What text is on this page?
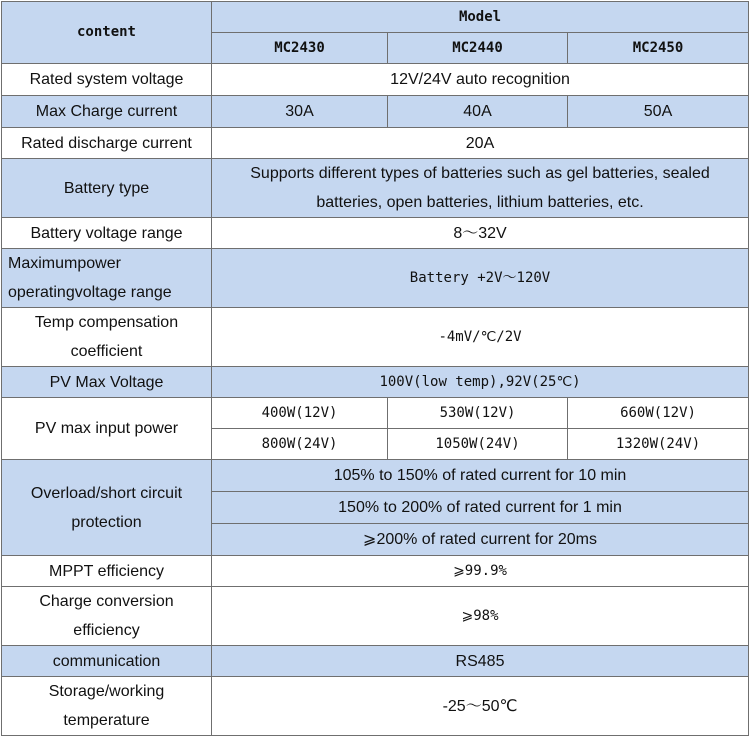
content	Model		
	MC2430	MC2440	MC2450
Rated system voltage	12V/24V auto recognition		
Max Charge current	30A	40A	50A
Rated discharge current	20A		
Battery type	Supports different types of batteries such as gel batteries, sealed batteries, open batteries, lithium batteries, etc.		
Battery voltage range	8～32V		
Maximumpower operatingvoltage range	Battery +2V～120V		
Temp compensation coefficient	-4mV/℃/2V		
PV Max Voltage	100V(low temp),92V(25℃)		
PV max input power	400W(12V)	530W(12V)	660W(12V)
	800W(24V)	1050W(24V)	1320W(24V)
Overload/short circuit protection	105% to 150% of rated current for 10 min		
	150% to 200% of rated current for 1 min		
	⩾200% of rated current for 20ms		
MPPT efficiency	⩾99.9%		
Charge conversion efficiency	⩾98%		
communication	RS485		
Storage/working temperature	-25～50℃		
